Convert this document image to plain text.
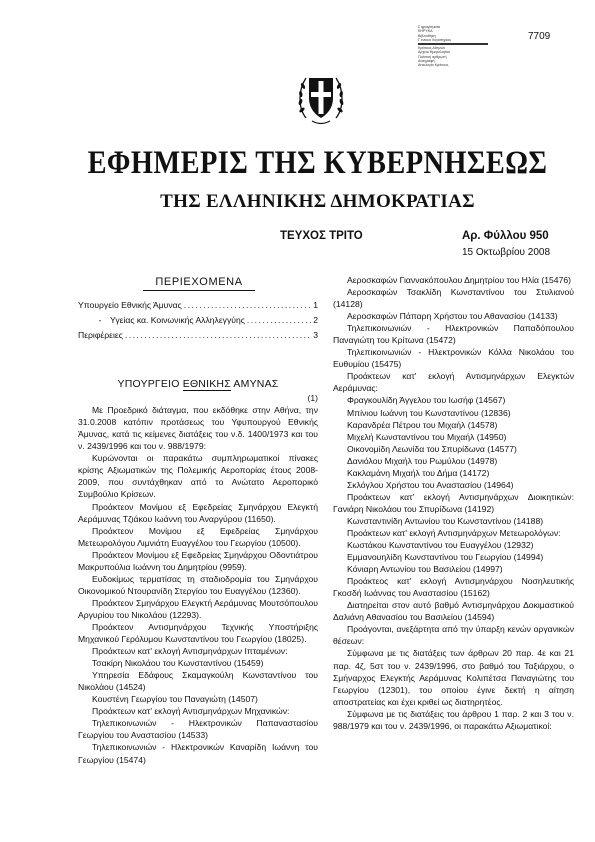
7709
Σ φραγίσματα
ΚΗΡΥΚΑ
Βιβλιοθήκη
Γ ενικού Λογιστηρίου
Κράτους Αθηνών
Αρχείο Ημερολογίου
Πολιτική αρθρωτή
Αναγραφή
Αιτιολογία Κράτους
ΕΦΗΜΕΡΙΣ ΤΗΣ ΚΥΒΕΡΝΗΣΕΩΣ
ΤΗΣ ΕΛΛΗΝΙΚΗΣ ΔΗΜΟΚΡΑΤΙΑΣ
ΤΕΥΧΟΣ ΤΡΙΤΟ	Αρ. Φύλλου 950
15 Οκτωβρίου 2008
ΠΕΡΙΕΧΟΜΕΝΑ
Υπουργείο Εθνικής Άμυνας .....	1
- Υγείας κα. Κοινωνικής Αλληλεγγύης .....	2
Περιφέρειες .....	3
ΥΠΟΥΡΓΕΙΟ ΕΘΝΙΚΗΣ ΑΜΥΝΑΣ
(1)

Με Προεδρικό διάταγμα, που εκδόθηκε στην Αθήνα, την 31.0.2008 κατόπιν προτάσεως του Υφυπουργού Εθνικής Άμυνας, κατά τις κείμενες διατάξεις του ν.δ. 1400/1973 και του ν. 2439/1996 και του ν. 988/1979:

Κυρώνονται οι παρακάτω συμπληρωματικοί πίνακες κρίσης Αξιωματικών της Πολεμικής Αεροπορίας έτους 2008-2009, που συντάχθηκαν από το Ανώτατο Αεροπορικό Συμβούλιο Κρίσεων.

Προάκτεον Μονίμου εξ Εφεδρείας Σμηνάρχου Ελεγκτή Αεράμυνας Τζιάκου Ιωάννη του Αναργύρου (11650).

Προάκτεον Μονίμου εξ Εφεδρείας Σμηνάρχου Μετεωρολόγου Λιμνιάτη Ευαγγέλου του Γεωργίου (10500).

Προάκτεον Μονίμου εξ Εφεδρείας Σμηνάρχου Οδοντιάτρου Μακρυπούλια Ιωάννη του Δημητρίου (9959).

Ευδοκίμως τερματίσας τη σταδιοδρομία του Σμηνάρχου Οικονομικού Ντουρανίδη Στεργίου του Ευαγγέλου (12360).

Προάκτεον Σμηνάρχου Ελεγκτή Αεράμυνας Μουτσόπουλου Αργυρίου του Νικολάου (12293).

Προάκτεον Αντισμηνάρχου Τεχνικής Υποστήριξης Μηχανικού Γερόλυμου Κωνσταντίνου του Γεωργίου (18025).

Προάκτεων κατ' εκλογή Αντισμηνάρχων Ιπταμένων:

Τσακίρη Νικολάου του Κωνσταντίνου (15459)

Υπηρεσία Εδάφους Σκαμαγκούλη Κωνσταντίνου του Νικολάου (14524)

Κουστένη Γεωργίου του Παναγιώτη (14507)

Προάκτεων κατ' εκλογή Αντισμηνάρχων Μηχανικών:

Τηλεπικοινωνιών - Ηλεκτρονικών Παπαναστασίου Γεωργίου του Αναστασίου (14533)

Τηλεπικοινωνιών - Ηλεκτρονικών Καναρίδη Ιωάννη του Γεωργίου (15474)

Αεροσκαφών Γιαννακόπουλου Δημητρίου του Ηλία (15476)

Αεροσκαφών Τσακλίδη Κωνσταντίνου του Στυλιανού (14128)

Αεροσκαφών Πάπαρη Χρήστου του Αθανασίου (14133)

Τηλεπικοινωνιών - Ηλεκτρονικών Παπαδόπουλου Παναγιώτη του Κρίτωνα (15472)

Τηλεπικοινωνιών - Ηλεκτρονικών Κόλλα Νικολάου του Ευθυμίου (15475)

Προάκτεων κατ' εκλογή Αντισμηνάρχων Ελεγκτών Αεράμυνας:

Φραγκουλίδη Άγγελου του Ιωσήφ (14567)

Μπίνιου Ιωάννη του Κωνσταντίνου (12836)

Καρανδρέα Πέτρου του Μιχαήλ (14578)

Μιχελή Κωνσταντίνου του Μιχαήλ (14950)

Οικονομίδη Λεωνίδα του Σπυρίδωνα (14577)

Δανιόλου Μιχαήλ του Ρωμύλου (14978)

Κακλαμάνη Μιχαήλ του Δήμα (14172)

Σκλόγλου Χρήστου του Αναστασίου (14964)

Προάκτεων κατ' εκλογή Αντισμηνάρχων Διοικητικών: Γανιάρη Νικολάου του Σπυρίδωνα (14192)

Κωνσταντινίδη Αντωνίου του Κωνσταντίνου (14188)

Προάκτεων κατ' εκλογή Αντισμηνάρχων Μετεωρολόγων:

Κωστάκου Κωνσταντίνου του Ευαγγέλου (12932)

Εμμανουηλίδη Κωνσταντίνου του Γεωργίου (14994)

Κόνιαρη Αντωνίου του Βασιλείου (14997)

Προάκτεος κατ' εκλογή Αντισμηνάρχου Νοσηλευτικής Γκοσδή Ιωάννας του Αναστασίου (15162)

Διατηρείται στον αυτό βαθμό Αντισμηνάρχου Δοκιμαστικού Δαλιάνη Αθανασίου του Βασιλείου (14594)

Προάγονται, ανεξάρτητα από την ύπαρξη κενών οργανικών θέσεων:

Σύμφωνα με τις διατάξεις των άρθρων 20 παρ. 4ε και 21 παρ. 4ζ, 5στ του ν. 2439/1996, στο βαθμό του Ταξιάρχου, ο Σμήναρχος Ελεγκτής Αεράμυνας Κολιπέτσα Παναγιώτης του Γεωργίου (12301), του οποίου έγινε δεκτή η αίτηση αποστρατείας και έχει κριθεί ως διατηρητέος.

Σύμφωνα με τις διατάξεις του άρθρου 1 παρ. 2 και 3 του ν. 988/1979 και του ν. 2439/1996, οι παρακάτω Αξιωματικοί:
